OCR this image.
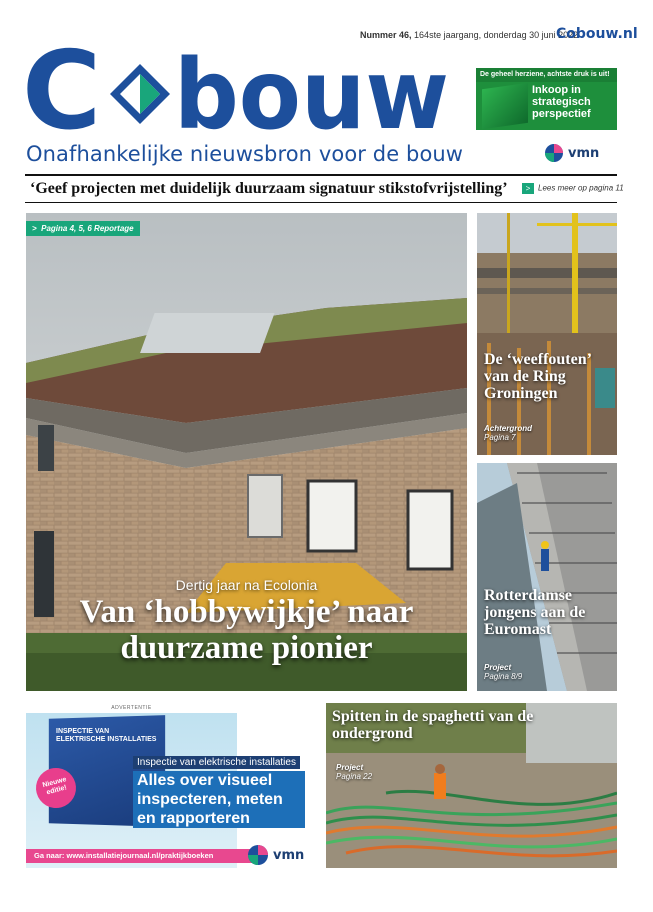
Nummer 46, 164ste jaargang, donderdag 30 juni 2022
Cobouw.nl
C bouw
Onafhankelijke nieuwsbron voor de bouw
De geheel herziene, achtste druk is uit!
Inkoop in strategisch perspectief
vmn
‘Geef projecten met duidelijk duurzaam signatuur stikstofvrijstelling’	> Lees meer op pagina 11
> Pagina 4, 5, 6 Reportage
Dertig jaar na Ecolonia
Van ‘hobbywijkje’ naar duurzame pionier
Foto: Stijn van der Kerk
De ‘weeffouten’ van de Ring Groningen
Achtergrond
Pagina 7
Rotterdamse jongens aan de Euromast
Project
Pagina 8/9
ADVERTENTIE
INSPECTIE VAN ELEKTRISCHE INSTALLATIES
Nieuwe editie!
Inspectie van elektrische installaties
Alles over visueel inspecteren, meten en rapporteren
Ga naar: www.installatiejournaal.nl/praktijkboeken	vmn
Spitten in de spaghetti van de ondergrond
Project
Pagina 22
